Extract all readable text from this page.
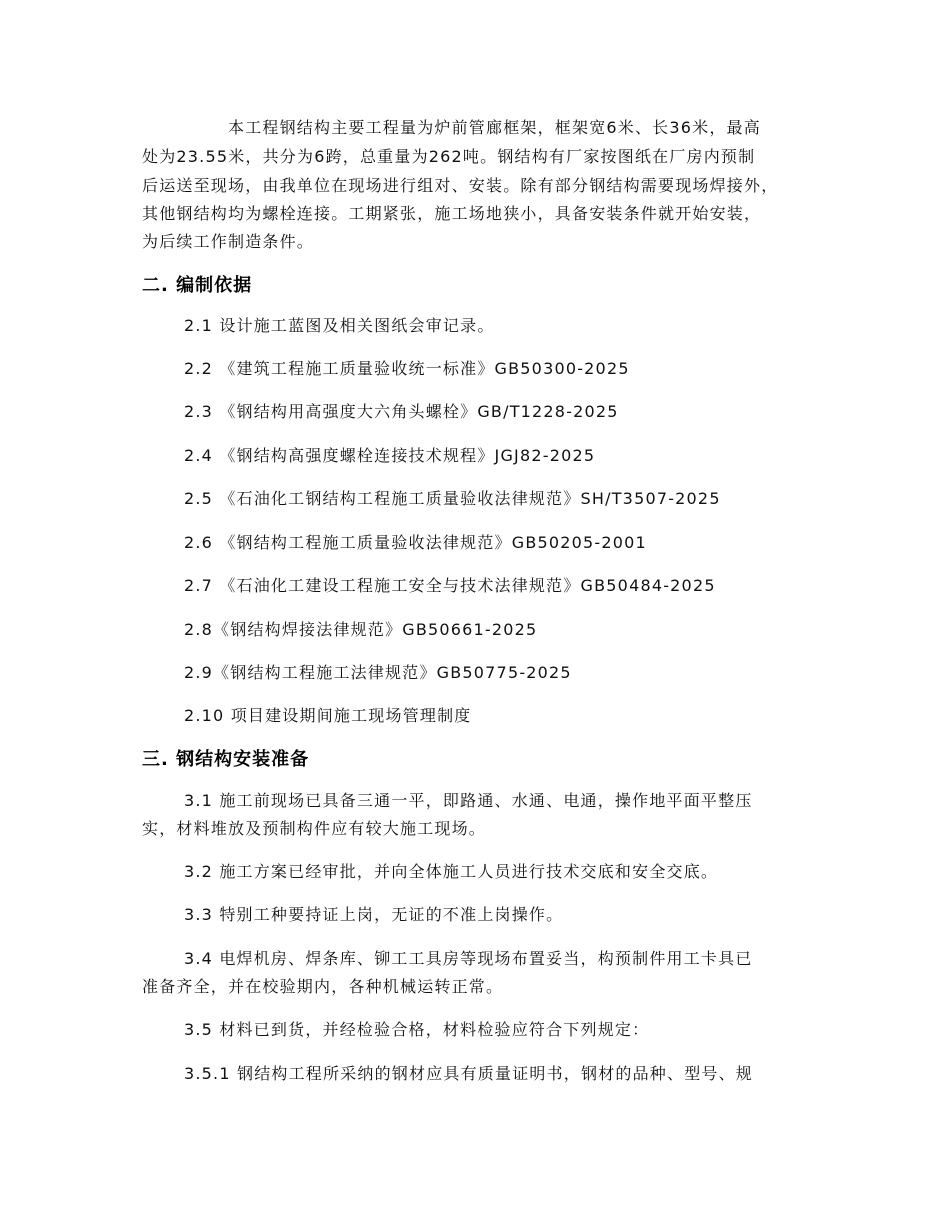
本工程钢结构主要工程量为炉前管廊框架，框架宽6米、长36米，最高
处为23.55米，共分为6跨，总重量为262吨。钢结构有厂家按图纸在厂房内预制
后运送至现场，由我单位在现场进行组对、安装。除有部分钢结构需要现场焊接外，
其他钢结构均为螺栓连接。工期紧张，施工场地狭小，具备安装条件就开始安装，
为后续工作制造条件。
二. 编制依据
2.1 设计施工蓝图及相关图纸会审记录。
2.2 《建筑工程施工质量验收统一标准》GB50300-2025
2.3 《钢结构用高强度大六角头螺栓》GB/T1228-2025
2.4 《钢结构高强度螺栓连接技术规程》JGJ82-2025
2.5 《石油化工钢结构工程施工质量验收法律规范》SH/T3507-2025
2.6 《钢结构工程施工质量验收法律规范》GB50205-2001
2.7 《石油化工建设工程施工安全与技术法律规范》GB50484-2025
2.8《钢结构焊接法律规范》GB50661-2025
2.9《钢结构工程施工法律规范》GB50775-2025
2.10 项目建设期间施工现场管理制度
三. 钢结构安装准备
3.1 施工前现场已具备三通一平，即路通、水通、电通，操作地平面平整压
实，材料堆放及预制构件应有较大施工现场。
3.2 施工方案已经审批，并向全体施工人员进行技术交底和安全交底。
3.3 特别工种要持证上岗，无证的不准上岗操作。
3.4 电焊机房、焊条库、铆工工具房等现场布置妥当，构预制件用工卡具已
准备齐全，并在校验期内，各种机械运转正常。
3.5 材料已到货，并经检验合格，材料检验应符合下列规定：
3.5.1 钢结构工程所采纳的钢材应具有质量证明书，钢材的品种、型号、规
